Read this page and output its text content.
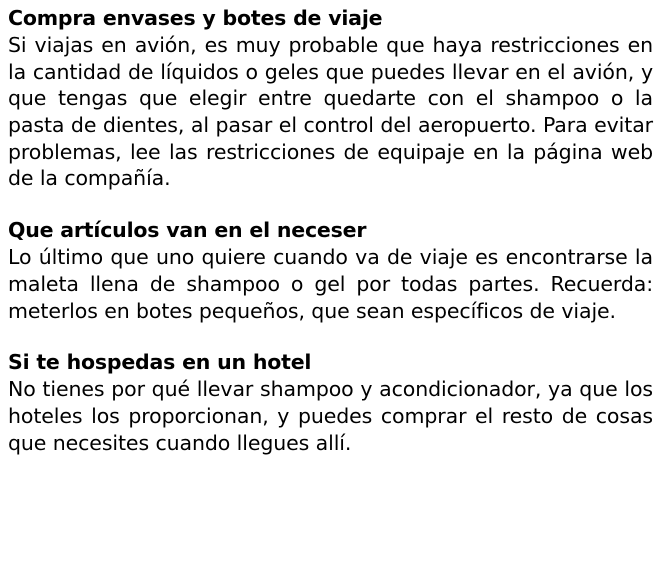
Compra envases y botes de viaje

Si viajas en avión, es muy probable que haya restricciones en la cantidad de líquidos o geles que puedes llevar en el avión, y que tengas que elegir entre quedarte con el shampoo o la pasta de dientes, al pasar el control del aeropuerto. Para evitar problemas, lee las restricciones de equipaje en la página web de la compañía.

Que artículos van en el neceser

Lo último que uno quiere cuando va de viaje es encontrarse la maleta llena de shampoo o gel por todas partes. Recuerda: meterlos en botes pequeños, que sean específicos de viaje.

Si te hospedas en un hotel

No tienes por qué llevar shampoo y acondicionador, ya que los hoteles los proporcionan, y puedes comprar el resto de cosas que necesites cuando llegues allí.
